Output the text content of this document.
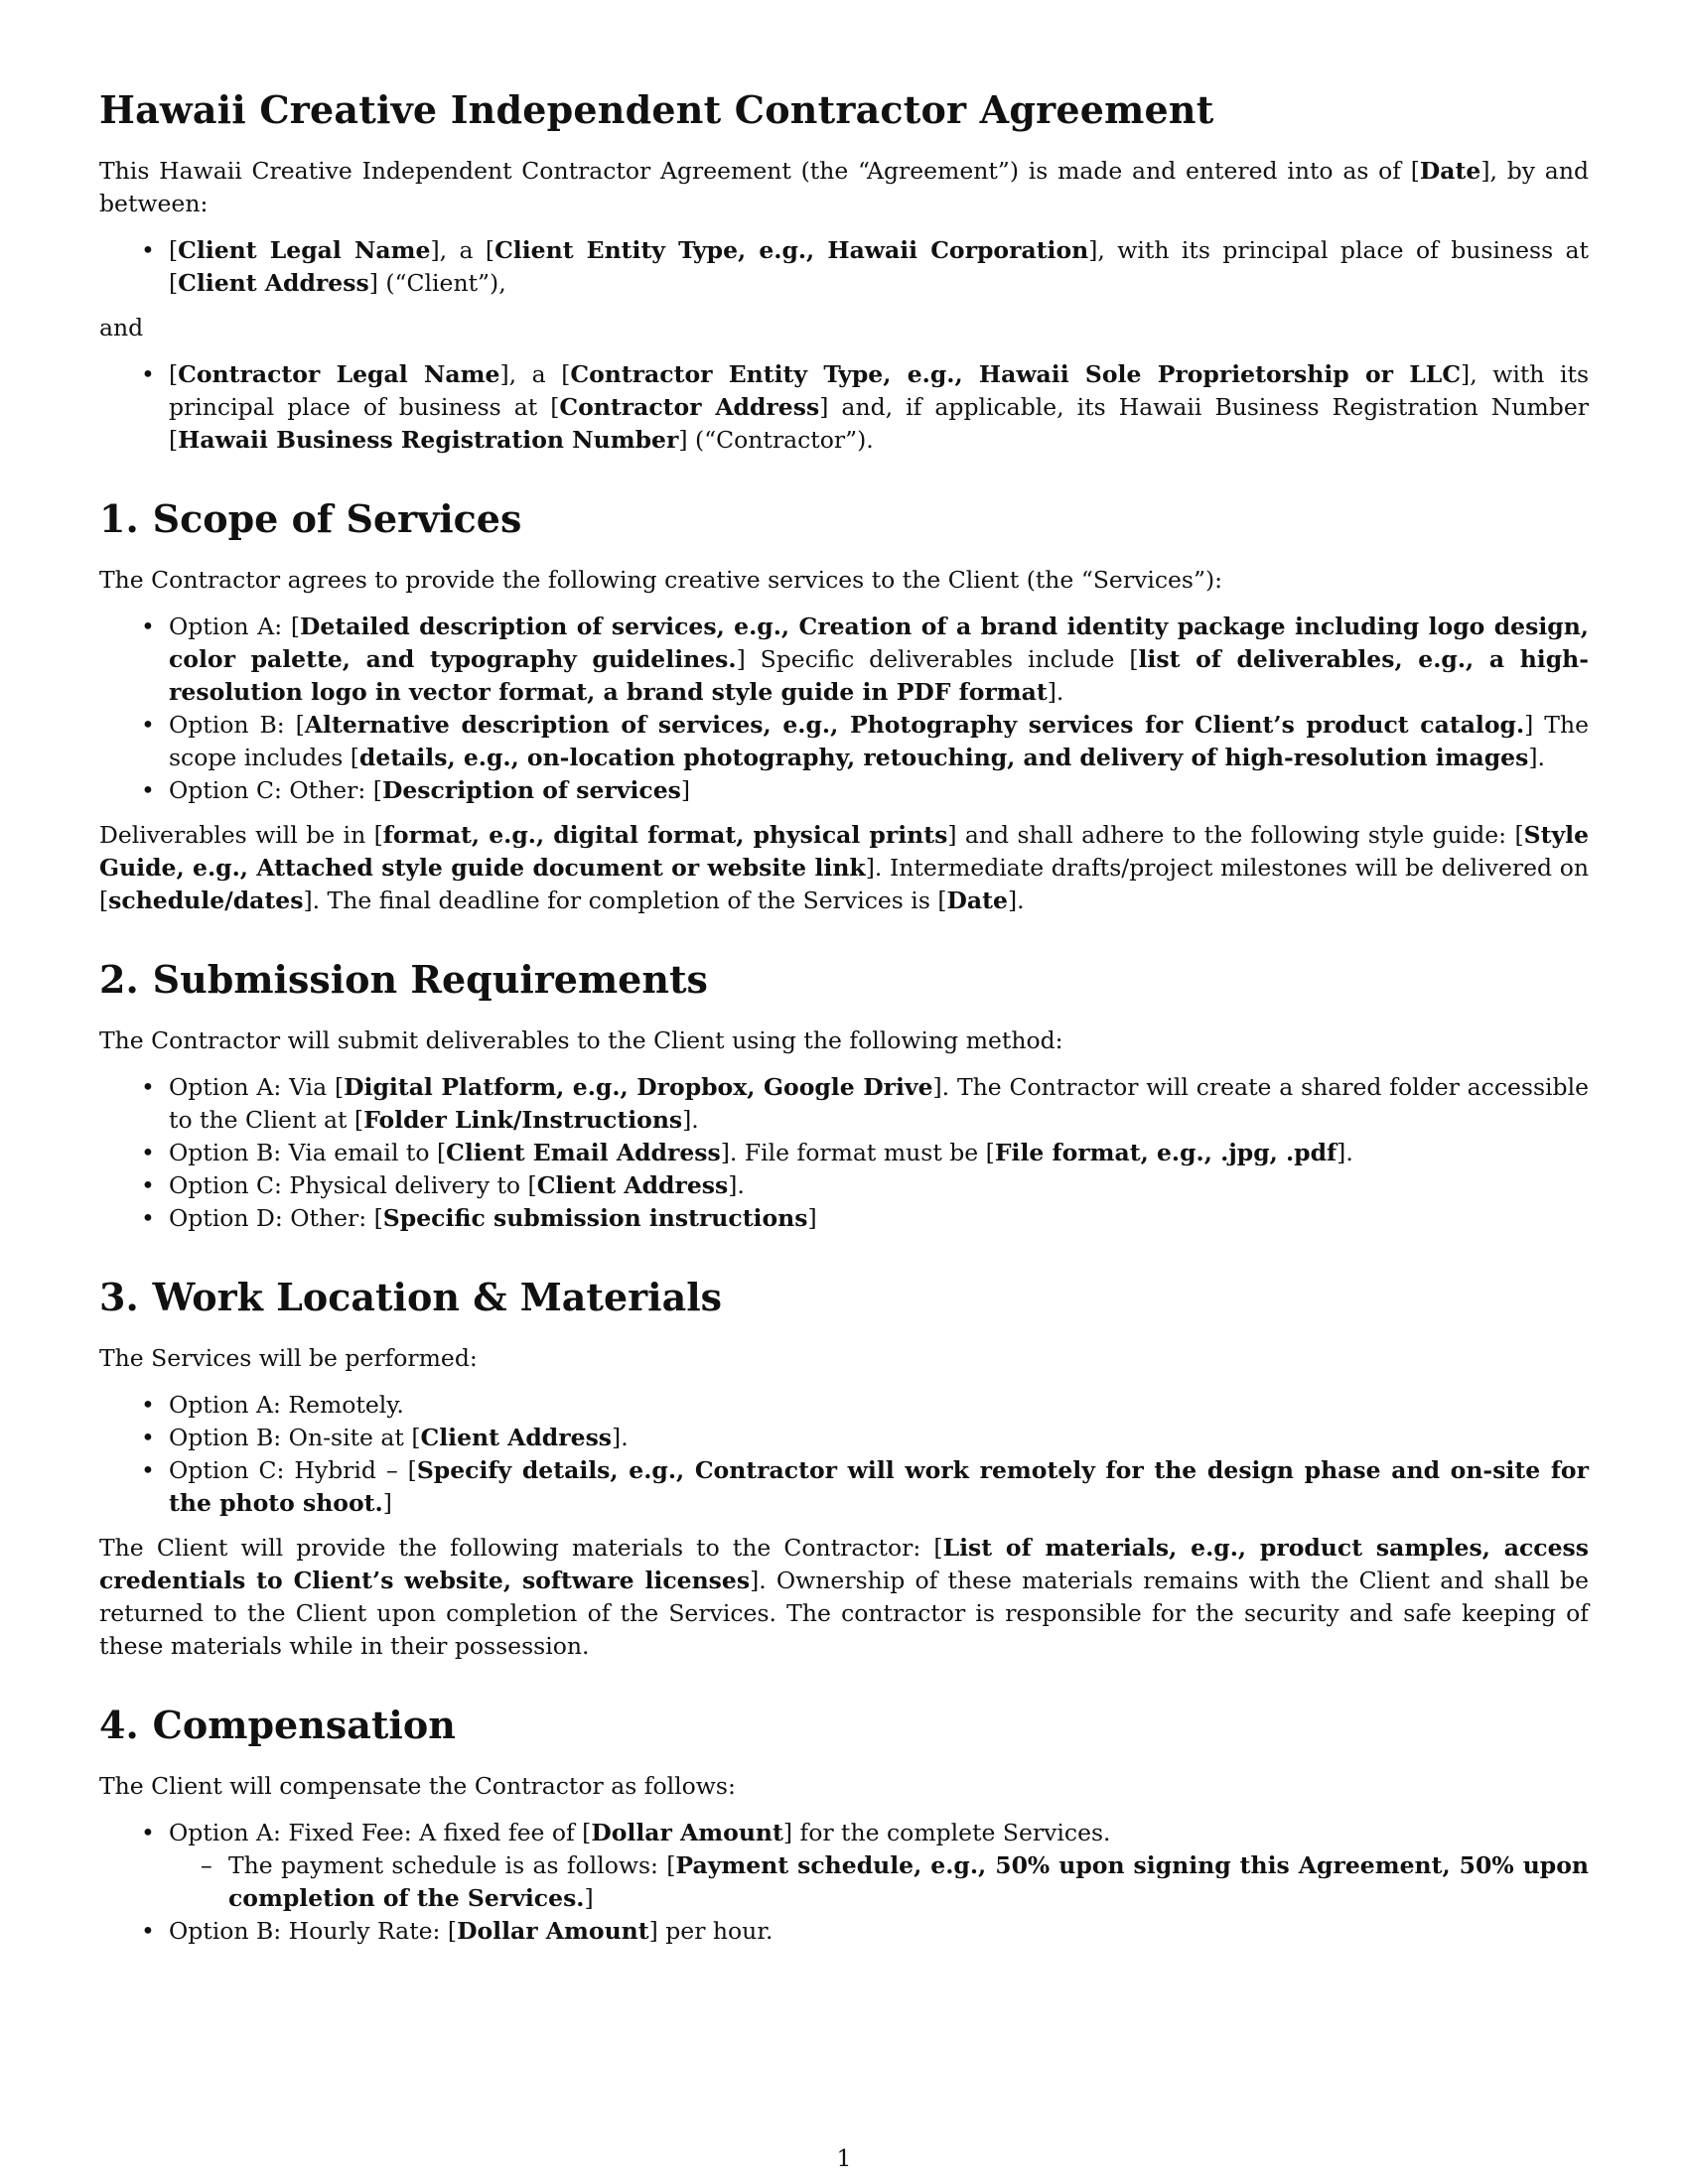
Hawaii Creative Independent Contractor Agreement

This Hawaii Creative Independent Contractor Agreement (the “Agreement”) is made and entered into as of [Date], by and between:

• [Client Legal Name], a [Client Entity Type, e.g., Hawaii Corporation], with its principal place of business at [Client Address] (“Client”),

and

• [Contractor Legal Name], a [Contractor Entity Type, e.g., Hawaii Sole Proprietorship or LLC], with its principal place of business at [Contractor Address] and, if applicable, its Hawaii Business Registration Number [Hawaii Business Registration Number] (“Contractor”).
1. Scope of Services

The Contractor agrees to provide the following creative services to the Client (the “Services”):

• Option A: [Detailed description of services, e.g., Creation of a brand identity package including logo design, color palette, and typography guidelines.] Specific deliverables include [list of deliverables, e.g., a high-resolution logo in vector format, a brand style guide in PDF format].
• Option B: [Alternative description of services, e.g., Photography services for Client’s product catalog.] The scope includes [details, e.g., on-location photography, retouching, and delivery of high-resolution images].
• Option C: Other: [Description of services]

Deliverables will be in [format, e.g., digital format, physical prints] and shall adhere to the following style guide: [Style Guide, e.g., Attached style guide document or website link]. Intermediate drafts/project milestones will be delivered on [schedule/dates]. The final deadline for completion of the Services is [Date].

2. Submission Requirements

The Contractor will submit deliverables to the Client using the following method:

• Option A: Via [Digital Platform, e.g., Dropbox, Google Drive]. The Contractor will create a shared folder accessible to the Client at [Folder Link/Instructions].
• Option B: Via email to [Client Email Address]. File format must be [File format, e.g., .jpg, .pdf].
• Option C: Physical delivery to [Client Address].
• Option D: Other: [Specific submission instructions]
3. Work Location & Materials

The Services will be performed:

• Option A: Remotely.
• Option B: On-site at [Client Address].
• Option C: Hybrid – [Specify details, e.g., Contractor will work remotely for the design phase and on-site for the photo shoot.]

The Client will provide the following materials to the Contractor: [List of materials, e.g., product samples, access credentials to Client’s website, software licenses]. Ownership of these materials remains with the Client and shall be returned to the Client upon completion of the Services. The contractor is responsible for the security and safe keeping of these materials while in their possession.

4. Compensation

The Client will compensate the Contractor as follows:

• Option A: Fixed Fee: A fixed fee of [Dollar Amount] for the complete Services.
– The payment schedule is as follows: [Payment schedule, e.g., 50% upon signing this Agreement, 50% upon completion of the Services.]
• Option B: Hourly Rate: [Dollar Amount] per hour.
1
